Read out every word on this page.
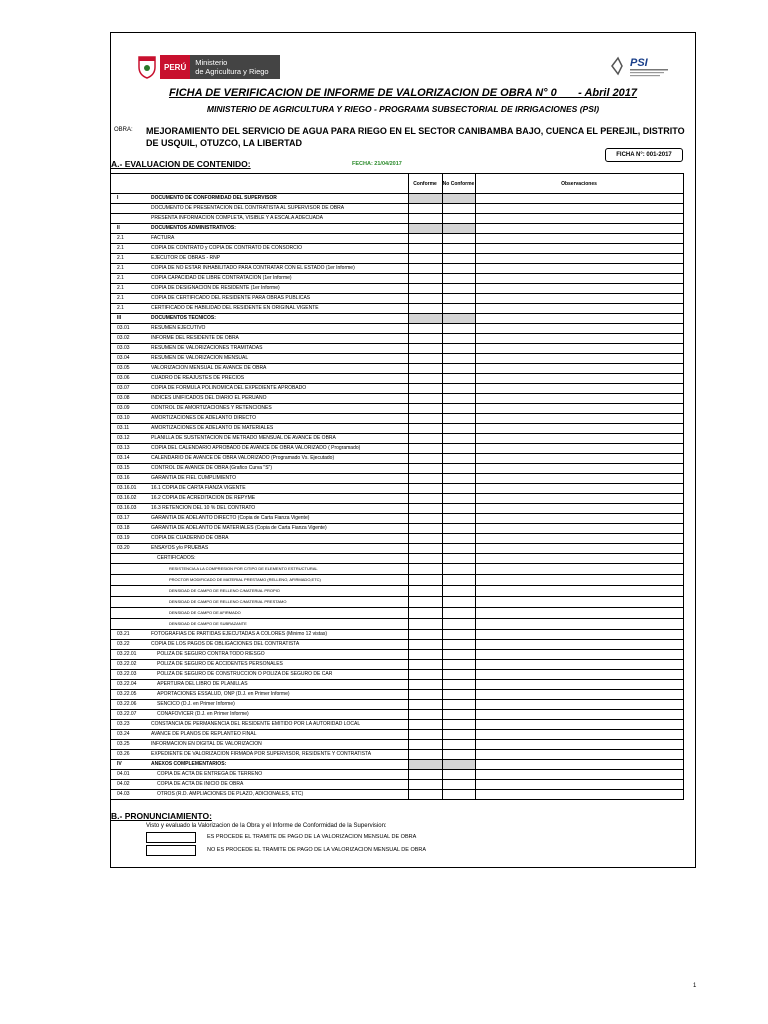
PERÚ	Ministerio
de Agricultura y Riego
PSI
FICHA DE VERIFICACION DE INFORME DE VALORIZACION DE OBRA N° 0___ - Abril 2017
MINISTERIO DE AGRICULTURA Y RIEGO - PROGRAMA SUBSECTORIAL DE IRRIGACIONES (PSI)
OBRA: MEJORAMIENTO DEL SERVICIO DE AGUA PARA RIEGO EN EL SECTOR CANIBAMBA BAJO, CUENCA EL PEREJIL, DISTRITO DE USQUIL, OTUZCO, LA LIBERTAD
FICHA N°: 001-2017
A.- EVALUACION DE CONTENIDO:	FECHA: 21/04/2017
	Conforme	No Conforme	Observaciones
I DOCUMENTO DE CONFORMIDAD DEL SUPERVISOR			
DOCUMENTO DE PRESENTACION DEL CONTRATISTA AL SUPERVISOR DE OBRA			
PRESENTA INFORMACION COMPLETA, VISIBLE Y A ESCALA ADECUADA			
II DOCUMENTOS ADMINISTRATIVOS:			
2.1 FACTURA			
2.1 COPIA DE CONTRATO y COPIA DE CONTRATO DE CONSORCIO			
2.1 EJECUTOR DE OBRAS - RNP			
2.1 COPIA DE NO ESTAR INHABILITADO PARA CONTRATAR CON EL ESTADO (1er Informe)			
2.1 COPIA CAPACIDAD DE LIBRE CONTRATACION (1er Informe)			
2.1 COPIA DE DESIGNACION DE RESIDENTE (1er Informe)			
2.1 COPIA DE CERTIFICADO DEL RESIDENTE PARA OBRAS PUBLICAS			
2.1 CERTIFICADO DE HABILIDAD DEL RESIDENTE EN ORIGINAL VIGENTE			
III DOCUMENTOS TECNICOS:			
03.01 RESUMEN EJECUTIVO			
03.02 INFORME DEL RESIDENTE DE OBRA			
03.03 RESUMEN DE VALORIZACIONES TRAMITADAS			
03.04 RESUMEN DE VALORIZACION MENSUAL			
03.05 VALORIZACION MENSUAL DE AVANCE DE OBRA			
03.06 CUADRO DE REAJUSTES DE PRECIOS			
03.07 COPIA DE FORMULA POLINOMICA DEL EXPEDIENTE APROBADO			
03.08 INDICES UNIFICADOS DEL DIARIO EL PERUANO			
03.09 CONTROL DE AMORTIZACIONES Y RETENCIONES			
03.10 AMORTIZACIONES DE ADELANTO DIRECTO			
03.11 AMORTIZACIONES DE ADELANTO DE MATERIALES			
03.12 PLANILLA DE SUSTENTACION DE METRADO MENSUAL DE AVANCE DE OBRA			
03.13 COPIA DEL CALENDARIO APROBADO DE AVANCE DE OBRA VALORIZADO ( Programado)			
03.14 CALENDARIO DE AVANCE DE OBRA VALORIZADO (Programado Vs. Ejecutado)			
03.15 CONTROL DE AVANCE DE OBRA (Grafico Curva "S")			
03.16 GARANTIA DE FIEL CUMPLIMIENTO			
03.16.01 16.1 COPIA DE CARTA FIANZA VIGENTE			
03.16.02 16.2 COPIA DE ACREDITACION DE REPYME			
03.16.03 16.3 RETENCION DEL 10 % DEL CONTRATO			
03.17 GARANTIA DE ADELANTO DIRECTO (Copia de Carta Fianza Vigente)			
03.18 GARANTIA DE ADELANTO DE MATERIALES (Copia de Carta Fianza Vigente)			
03.19 COPIA DE CUADERNO DE OBRA			
03.20 ENSAYOS y/o PRUEBAS			
CERTIFICADOS:			
RESISTENCIA A LA COMPRESION POR C/TIPO DE ELEMENTO ESTRUCTURAL			
PROCTOR MODIFICADO DE MATERIAL PRESTAMO (RELLENO, AFIRMADO,ETC)			
DENSIDAD DE CAMPO DE RELLENO C/MATERIAL PROPIO			
DENSIDAD DE CAMPO DE RELLENO C/MATERIAL PRESTAMO			
DENSIDAD DE CAMPO DE AFIRMADO			
DENSIDAD DE CAMPO DE SUBRAZANTE			
03.21 FOTOGRAFIAS DE PARTIDAS EJECUTADAS A COLORES (Minimo 12 vistas)			
03.22 COPIA DE LOS PAGOS DE OBLIGACIONES DEL CONTRATISTA			
03.22.01 POLIZA DE SEGURO CONTRA TODO RIESGO			
03.22.02 POLIZA DE SEGURO DE ACCIDENTES PERSONALES			
03.22.03 POLIZA DE SEGURO DE CONSTRUCCION O POLIZA DE SEGURO DE CAR			
03.22.04 APERTURA DEL LIBRO DE PLANILLAS			
03.22.05 APORTACIONES ESSALUD, ONP (D.J. en Primer Informe)			
03.22.06 SENCICO (D.J. en Primer Informe)			
03.22.07 CONAFOVICER (D.J. en Primer Informe)			
03.23 CONSTANCIA DE PERMANENCIA DEL RESIDENTE EMITIDO POR LA AUTORIDAD LOCAL			
03.24 AVANCE DE PLANOS DE REPLANTEO FINAL			
03.25 INFORMACION EN DIGITAL DE VALORIZACION			
03.26 EXPEDIENTE DE VALORIZACION FIRMADA POR SUPERVISOR, RESIDENTE Y CONTRATISTA			
IV ANEXOS COMPLEMENTARIOS:			
04.01 COPIA DE ACTA DE ENTREGA DE TERRENO			
04.02 COPIA DE ACTA DE INICIO DE OBRA			
04.03 OTROS (R.D. AMPLIACIONES DE PLAZO, ADICIONALES, ETC)			
B.- PRONUNCIAMIENTO:
Visto y evaluado la Valorizacion de la Obra y el Informe de Conformidad de la Supervision:
ES PROCEDE EL TRAMITE DE PAGO DE LA VALORIZACION MENSUAL DE OBRA
NO ES PROCEDE EL TRAMITE DE PAGO DE LA VALORIZACION MENSUAL DE OBRA
1
